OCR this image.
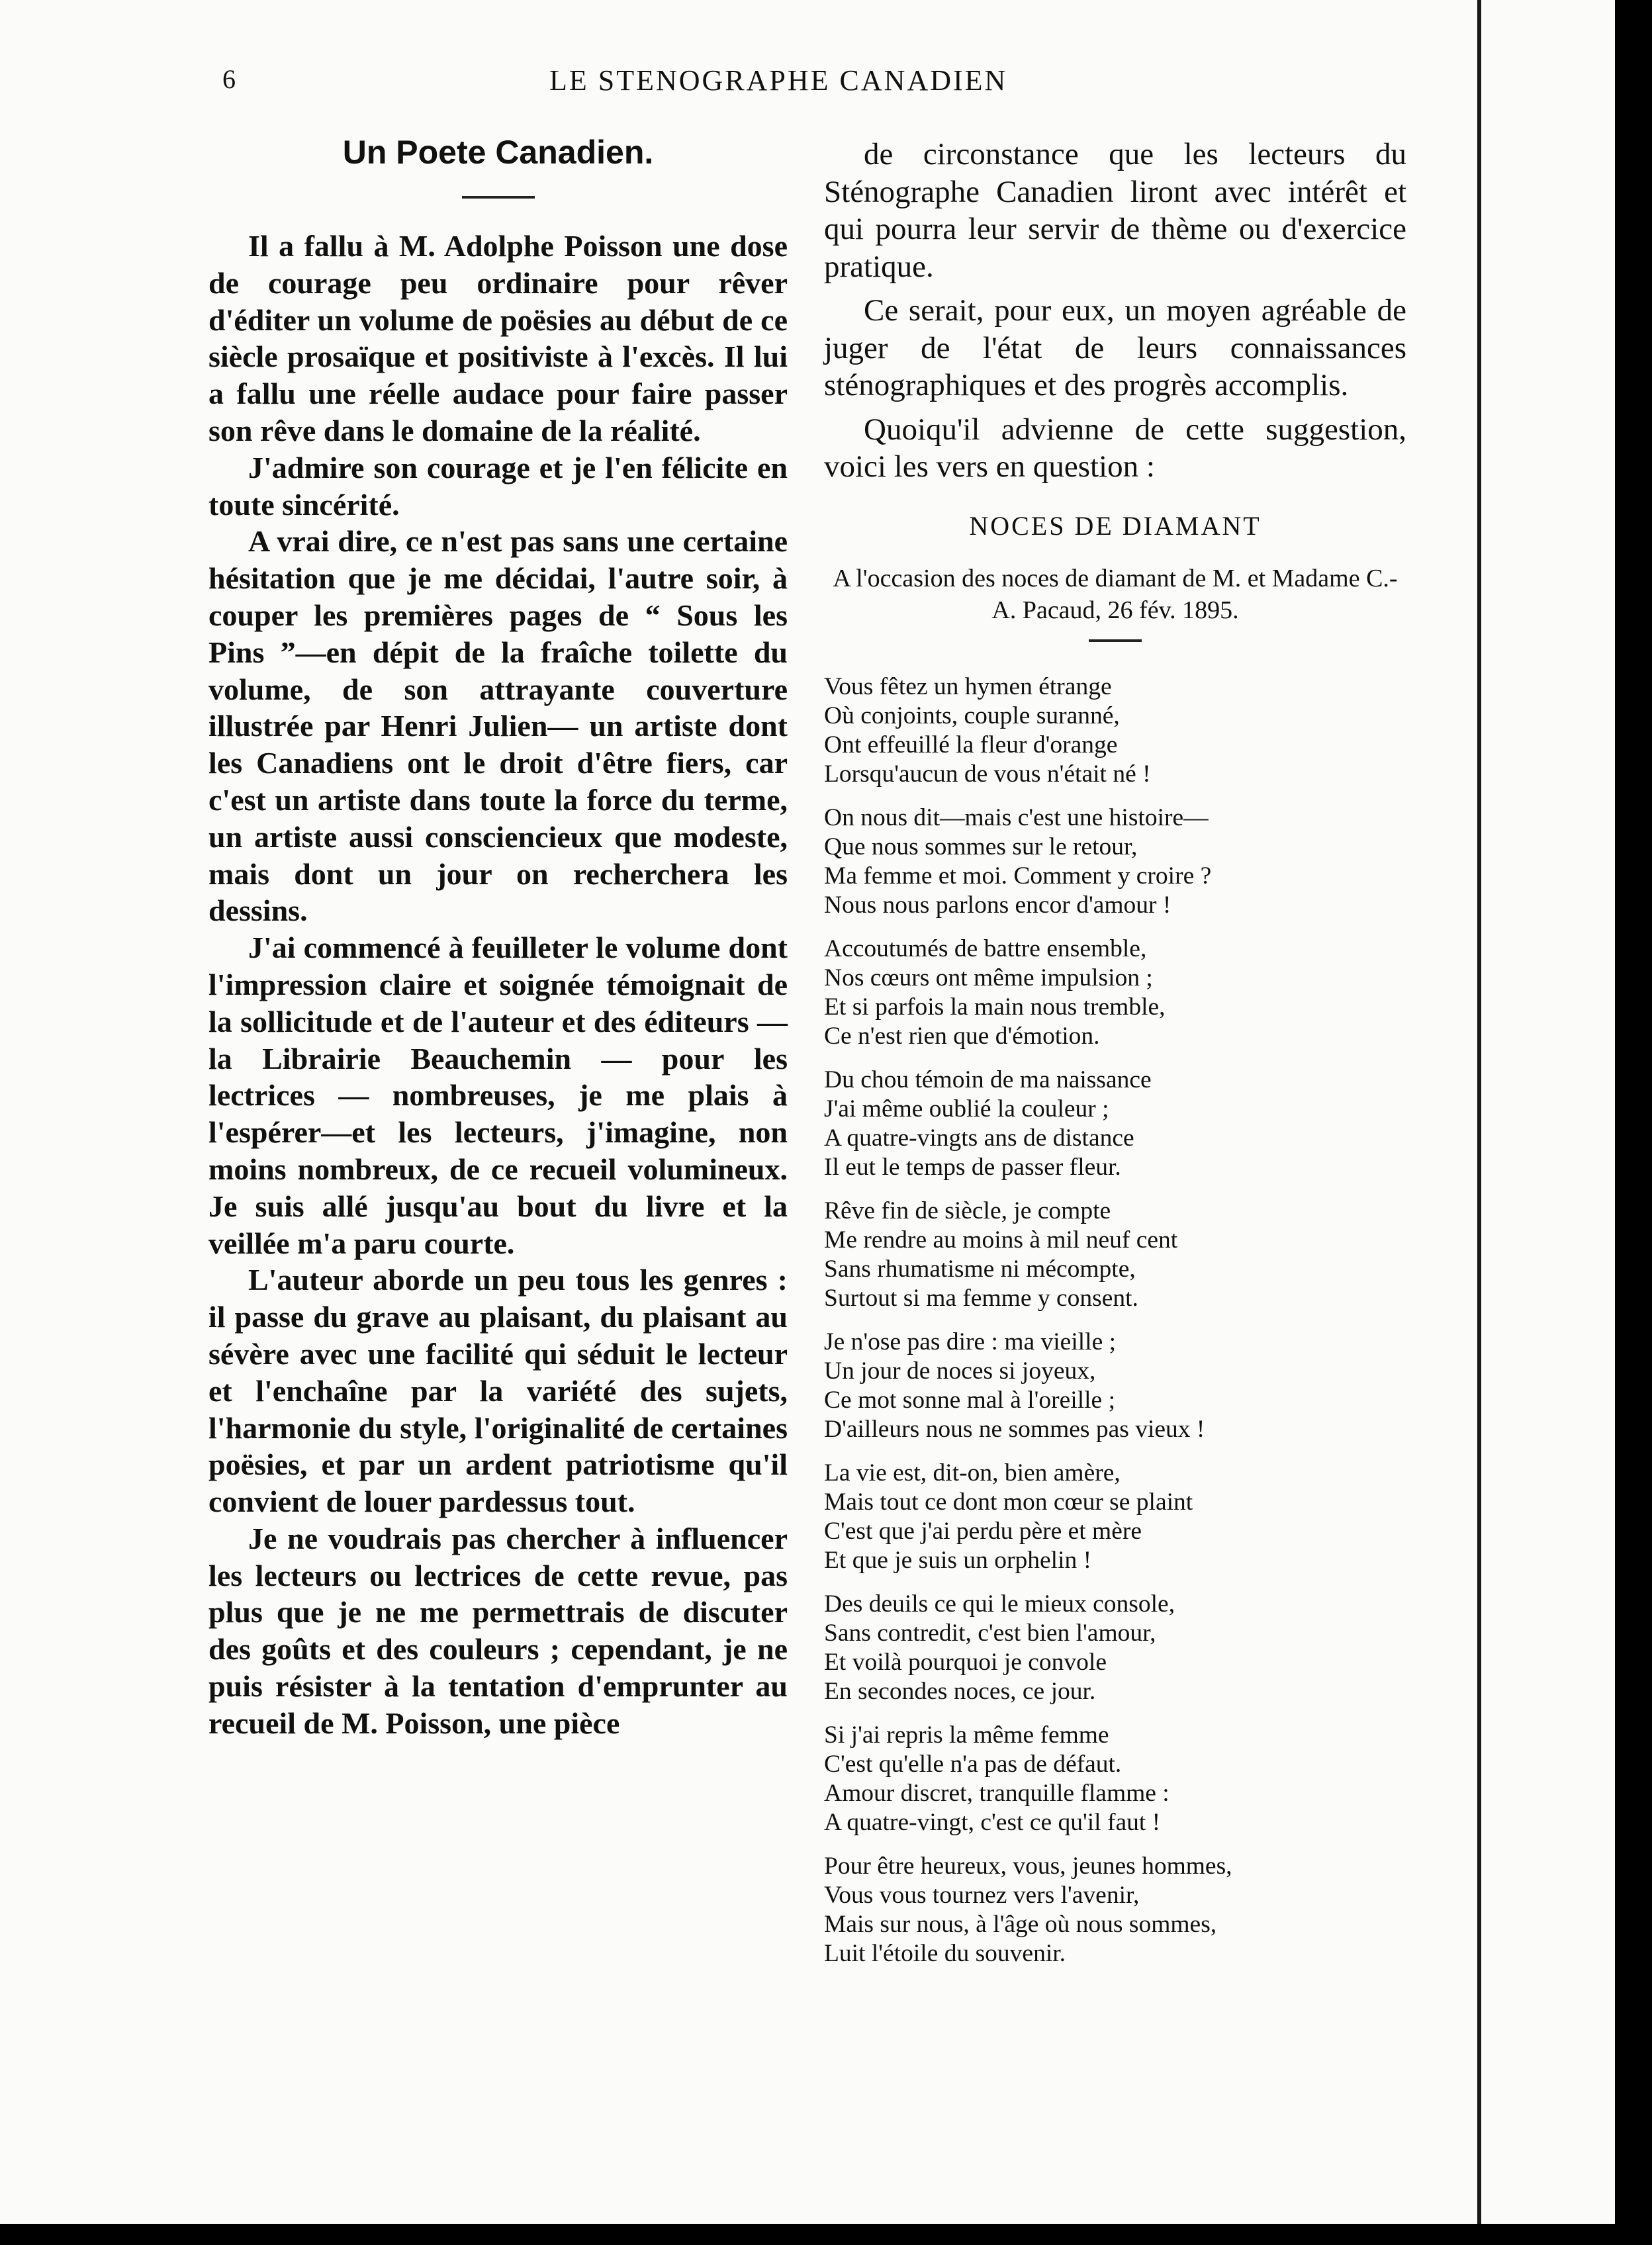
6	LE STENOGRAPHE CANADIEN
Un Poete Canadien.

Il a fallu à M. Adolphe Poisson une dose de courage peu ordinaire pour rêver d'éditer un volume de poësies au début de ce siècle prosaïque et positiviste à l'excès. Il lui a fallu une réelle audace pour faire passer son rêve dans le domaine de la réalité.

J'admire son courage et je l'en félicite en toute sincérité.

A vrai dire, ce n'est pas sans une certaine hésitation que je me décidai, l'autre soir, à couper les premières pages de “ Sous les Pins ”—en dépit de la fraîche toilette du volume, de son attrayante couverture illustrée par Henri Julien— un artiste dont les Canadiens ont le droit d'être fiers, car c'est un artiste dans toute la force du terme, un artiste aussi consciencieux que modeste, mais dont un jour on recherchera les dessins.

J'ai commencé à feuilleter le volume dont l'impression claire et soignée témoignait de la sollicitude et de l'auteur et des éditeurs — la Librairie Beauchemin — pour les lectrices — nombreuses, je me plais à l'espérer—et les lecteurs, j'imagine, non moins nombreux, de ce recueil volumineux. Je suis allé jusqu'au bout du livre et la veillée m'a paru courte.

L'auteur aborde un peu tous les genres : il passe du grave au plaisant, du plaisant au sévère avec une facilité qui séduit le lecteur et l'enchaîne par la variété des sujets, l'harmonie du style, l'originalité de certaines poësies, et par un ardent patriotisme qu'il convient de louer pardessus tout.

Je ne voudrais pas chercher à influencer les lecteurs ou lectrices de cette revue, pas plus que je ne me permettrais de discuter des goûts et des couleurs ; cependant, je ne puis résister à la tentation d'emprunter au recueil de M. Poisson, une pièce

de circonstance que les lecteurs du Sténographe Canadien liront avec intérêt et qui pourra leur servir de thème ou d'exercice pratique.

Ce serait, pour eux, un moyen agréable de juger de l'état de leurs connaissances sténographiques et des progrès accomplis.

Quoiqu'il advienne de cette suggestion, voici les vers en question :

NOCES DE DIAMANT
A l'occasion des noces de diamant de M. et Madame C.-A. Pacaud, 26 fév. 1895.
Vous fêtez un hymen étrange
Où conjoints, couple suranné,
Ont effeuillé la fleur d'orange
Lorsqu'aucun de vous n'était né !
On nous dit—mais c'est une histoire—
Que nous sommes sur le retour,
Ma femme et moi. Comment y croire ?
Nous nous parlons encor d'amour !
Accoutumés de battre ensemble,
Nos cœurs ont même impulsion ;
Et si parfois la main nous tremble,
Ce n'est rien que d'émotion.
Du chou témoin de ma naissance
J'ai même oublié la couleur ;
A quatre-vingts ans de distance
Il eut le temps de passer fleur.
Rêve fin de siècle, je compte
Me rendre au moins à mil neuf cent
Sans rhumatisme ni mécompte,
Surtout si ma femme y consent.
Je n'ose pas dire : ma vieille ;
Un jour de noces si joyeux,
Ce mot sonne mal à l'oreille ;
D'ailleurs nous ne sommes pas vieux !
La vie est, dit-on, bien amère,
Mais tout ce dont mon cœur se plaint
C'est que j'ai perdu père et mère
Et que je suis un orphelin !
Des deuils ce qui le mieux console,
Sans contredit, c'est bien l'amour,
Et voilà pourquoi je convole
En secondes noces, ce jour.
Si j'ai repris la même femme
C'est qu'elle n'a pas de défaut.
Amour discret, tranquille flamme :
A quatre-vingt, c'est ce qu'il faut !
Pour être heureux, vous, jeunes hommes,
Vous vous tournez vers l'avenir,
Mais sur nous, à l'âge où nous sommes,
Luit l'étoile du souvenir.
